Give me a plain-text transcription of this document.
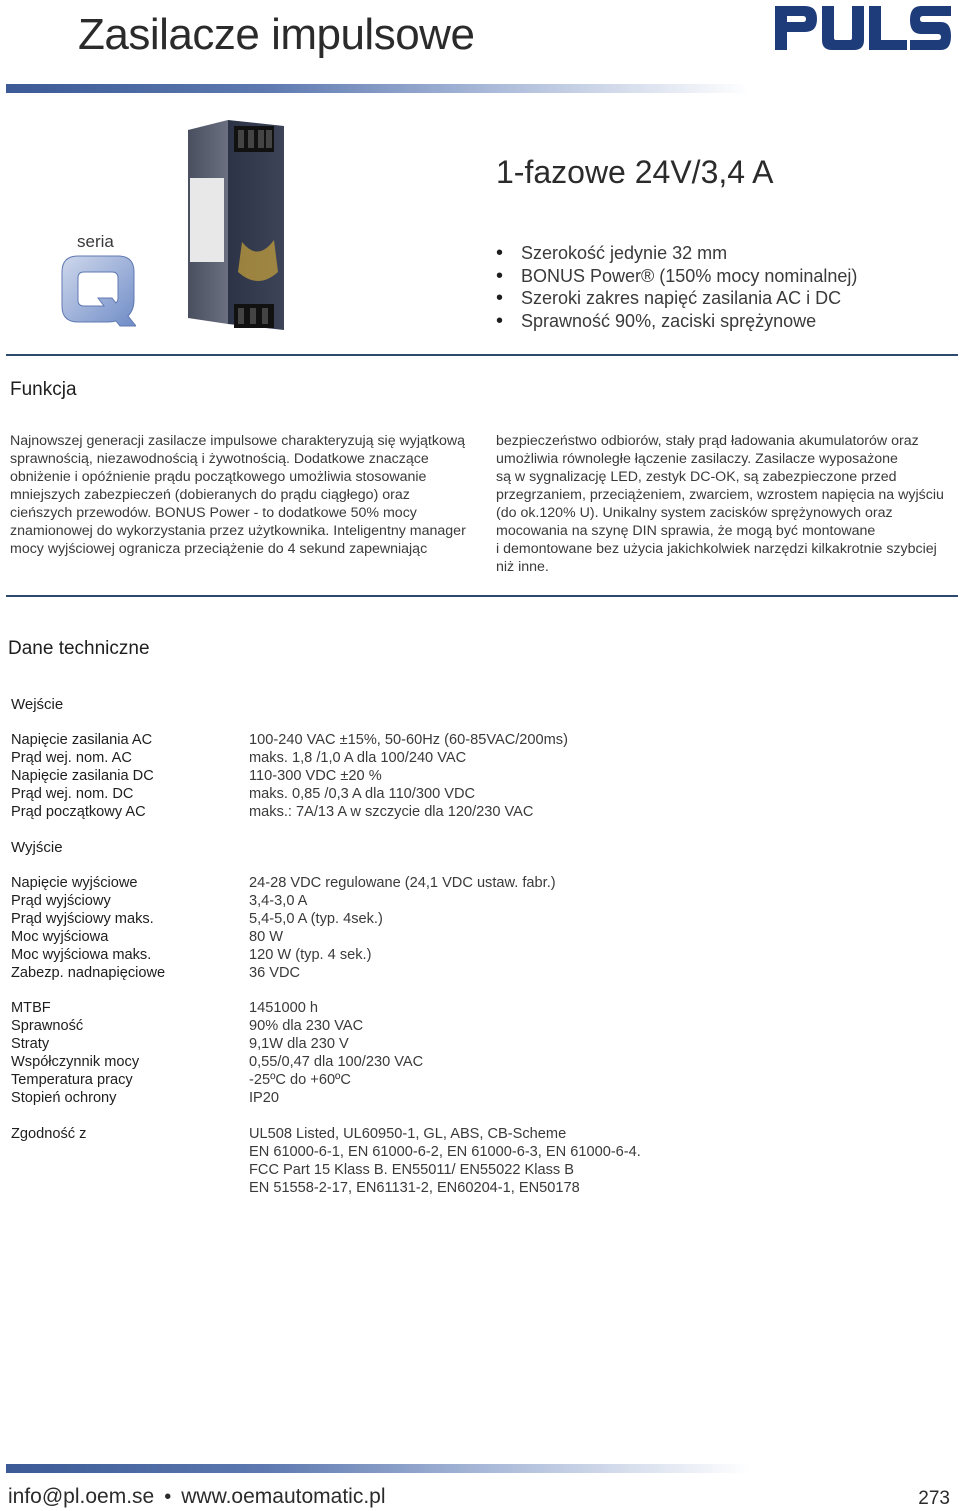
Zasilacze impulsowe
seria
1-fazowe 24V/3,4 A
• Szerokość jedynie 32 mm
• BONUS Power® (150% mocy nominalnej)
• Szeroki zakres napięć zasilania AC i DC
• Sprawność 90%, zaciski sprężynowe
Funkcja
Najnowszej generacji zasilacze impulsowe charakteryzują się wyjątkową
sprawnością, niezawodnością i żywotnością. Dodatkowe znaczące
obniżenie i opóźnienie prądu początkowego umożliwia stosowanie
mniejszych zabezpieczeń (dobieranych do prądu ciągłego) oraz
cieńszych przewodów. BONUS Power - to dodatkowe 50% mocy
znamionowej do wykorzystania przez użytkownika. Inteligentny manager
mocy wyjściowej ogranicza przeciążenie do 4 sekund zapewniając
bezpieczeństwo odbiorów, stały prąd ładowania akumulatorów oraz
umożliwia równoległe łączenie zasilaczy. Zasilacze wyposażone
są w sygnalizację LED, zestyk DC-OK, są zabezpieczone przed
przegrzaniem, przeciążeniem, zwarciem, wzrostem napięcia na wyjściu
(do ok.120% U). Unikalny system zacisków sprężynowych oraz
mocowania na szynę DIN sprawia, że mogą być montowane
i demontowane bez użycia jakichkolwiek narzędzi kilkakrotnie szybciej
niż inne.
Dane techniczne
Wejście
Napięcie zasilania AC	100-240 VAC ±15%, 50-60Hz (60-85VAC/200ms)
Prąd wej. nom. AC	maks. 1,8 /1,0 A dla 100/240 VAC
Napięcie zasilania DC	110-300 VDC ±20 %
Prąd wej. nom. DC	maks. 0,85 /0,3 A dla 110/300 VDC
Prąd początkowy AC	maks.: 7A/13 A w szczycie dla 120/230 VAC
Wyjście
Napięcie wyjściowe	24-28 VDC regulowane (24,1 VDC ustaw. fabr.)
Prąd wyjściowy	3,4-3,0 A
Prąd wyjściowy maks.	5,4-5,0 A (typ. 4sek.)
Moc wyjściowa	80 W
Moc wyjściowa maks.	120 W (typ. 4 sek.)
Zabezp. nadnapięciowe	36 VDC
MTBF	1451000 h
Sprawność	90% dla 230 VAC
Straty	9,1W dla 230 V
Współczynnik mocy	0,55/0,47 dla 100/230 VAC
Temperatura pracy	-25ºC do +60ºC
Stopień ochrony	IP20
Zgodność z	UL508 Listed, UL60950-1, GL, ABS, CB-Scheme
EN 61000-6-1, EN 61000-6-2, EN 61000-6-3, EN 61000-6-4.
FCC Part 15 Klass B. EN55011/ EN55022 Klass B
EN 51558-2-17, EN61131-2, EN60204-1, EN50178
info@pl.oem.se • www.oemautomatic.pl	273
